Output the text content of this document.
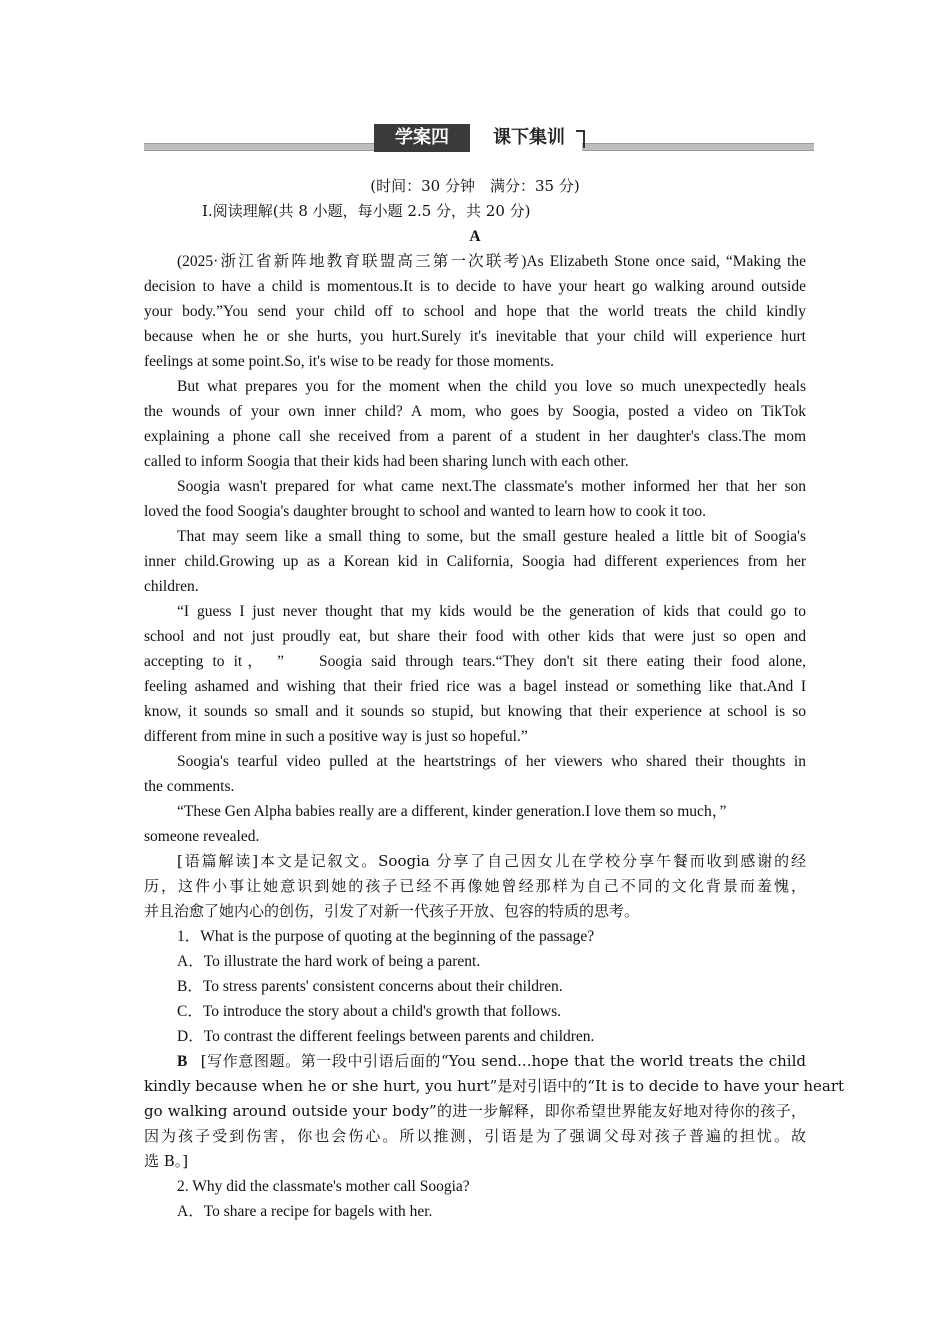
学案四	课下集训
(时间：30 分钟　满分：35 分)
Ⅰ.阅读理解(共 8 小题，每小题 2.5 分，共 20 分)
A
(2025·浙江省新阵地教育联盟高三第一次联考)As Elizabeth Stone once said, “Making the
decision to have a child is momentous.It is to decide to have your heart go walking around outside
your body.”You send your child off to school and hope that the world treats the child kindly
because when he or she hurts, you hurt.Surely it's inevitable that your child will experience hurt
feelings at some point.So, it's wise to be ready for those moments.
But what prepares you for the moment when the child you love so much unexpectedly heals
the wounds of your own inner child? A mom, who goes by Soogia, posted a video on TikTok
explaining a phone call she received from a parent of a student in her daughter's class.The mom
called to inform Soogia that their kids had been sharing lunch with each other.
Soogia wasn't prepared for what came next.The classmate's mother informed her that her son
loved the food Soogia's daughter brought to school and wanted to learn how to cook it too.
That may seem like a small thing to some, but the small gesture healed a little bit of Soogia's
inner child.Growing up as a Korean kid in California, Soogia had different experiences from her
children.
“I guess I just never thought that my kids would be the generation of kids that could go to
school and not just proudly eat, but share their food with other kids that were just so open and
accepting to it， ”　 Soogia said through tears.“They don't sit there eating their food alone,
feeling ashamed and wishing that their fried rice was a bagel instead or something like that.And I
know, it sounds so small and it sounds so stupid, but knowing that their experience at school is so
different from mine in such a positive way is just so hopeful.”
Soogia's tearful video pulled at the heartstrings of her viewers who shared their thoughts in
the comments.
“These Gen Alpha babies really are a different, kinder generation.I love them so much，”
someone revealed.
[语篇解读]本文是记叙文。Soogia 分享了自己因女儿在学校分享午餐而收到感谢的经
历，这件小事让她意识到她的孩子已经不再像她曾经那样为自己不同的文化背景而羞愧，
并且治愈了她内心的创伤，引发了对新一代孩子开放、包容的特质的思考。
1．What is the purpose of quoting at the beginning of the passage?
A．To illustrate the hard work of being a parent.
B．To stress parents' consistent concerns about their children.
C．To introduce the story about a child's growth that follows.
D．To contrast the different feelings between parents and children.
B [写作意图题。第一段中引语后面的“You send...hope that the world treats the child
kindly because when he or she hurt, you hurt”是对引语中的“It is to decide to have your heart
go walking around outside your body”的进一步解释，即你希望世界能友好地对待你的孩子，
因为孩子受到伤害，你也会伤心。所以推测，引语是为了强调父母对孩子普遍的担忧。故
选 B。]
2. Why did the classmate's mother call Soogia?
A．To share a recipe for bagels with her.
